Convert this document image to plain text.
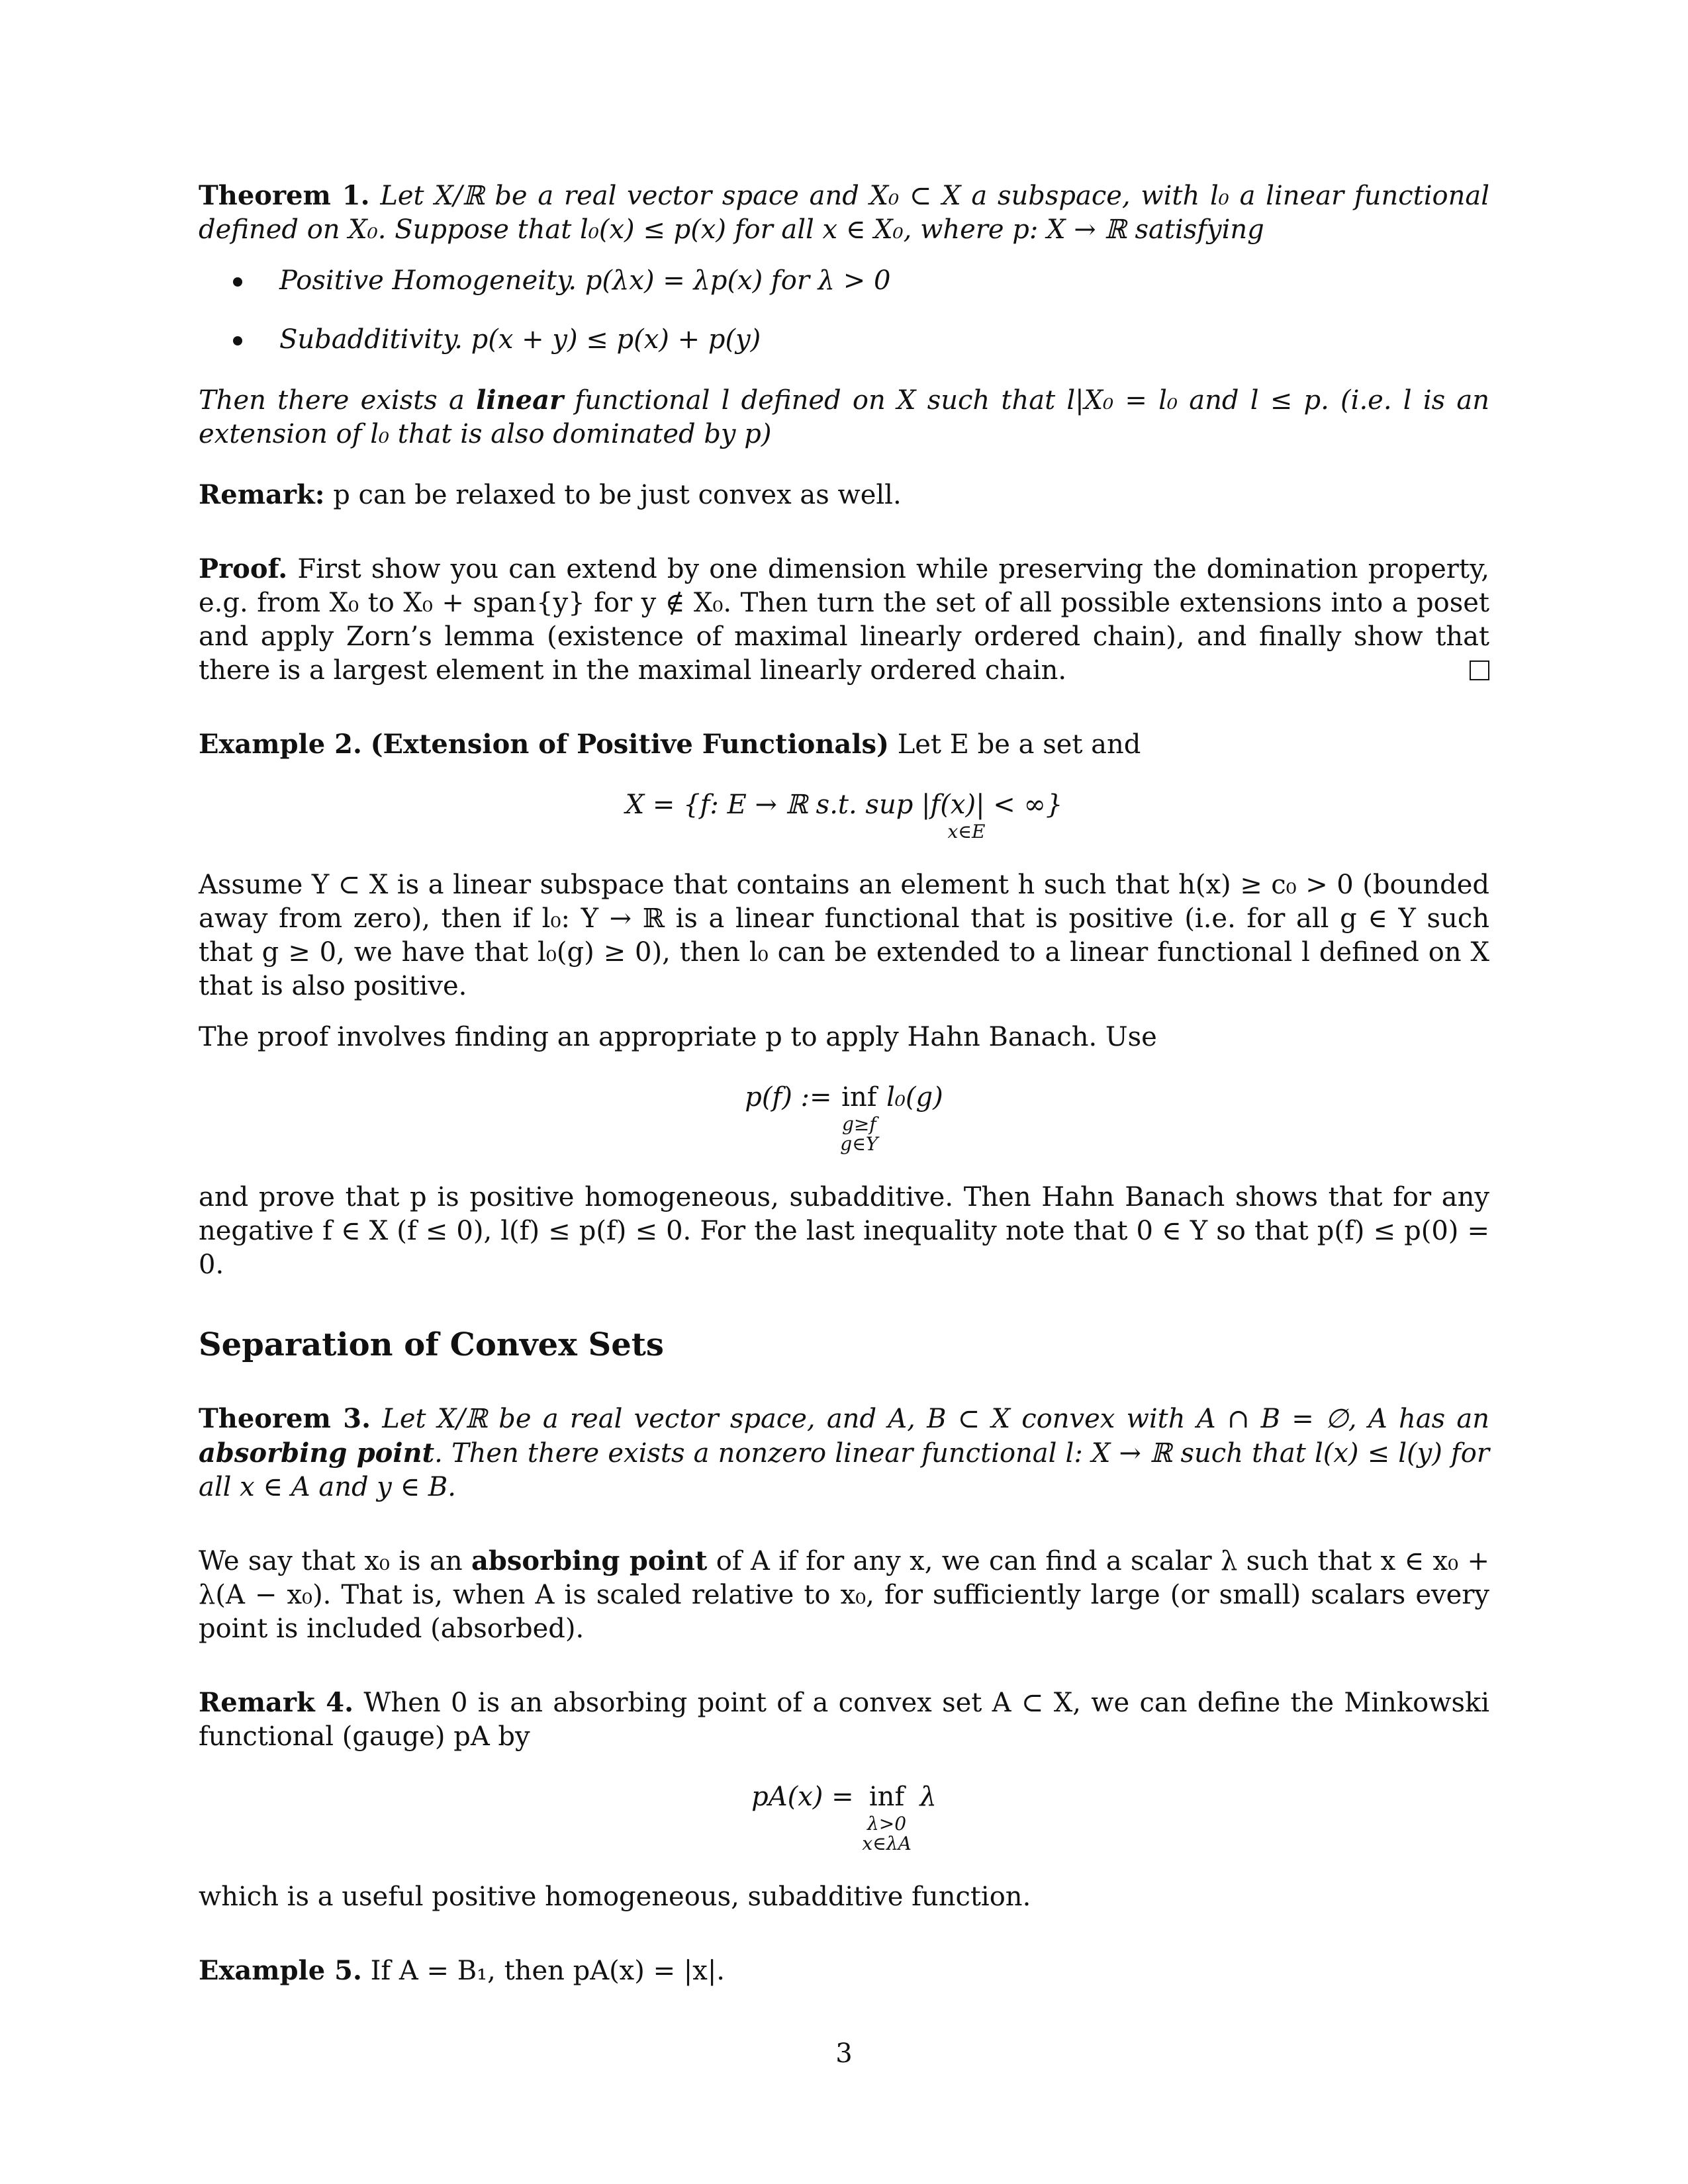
Theorem 1. Let X/ℝ be a real vector space and X₀ ⊂ X a subspace, with l₀ a linear functional defined on X₀. Suppose that l₀(x) ≤ p(x) for all x ∈ X₀, where p: X → ℝ satisfying

Positive Homogeneity. p(λx) = λp(x) for λ > 0
Subadditivity. p(x + y) ≤ p(x) + p(y)

Then there exists a linear functional l defined on X such that l|X₀ = l₀ and l ≤ p. (i.e. l is an extension of l₀ that is also dominated by p)

Remark: p can be relaxed to be just convex as well.

Proof. First show you can extend by one dimension while preserving the domination property, e.g. from X₀ to X₀ + span{y} for y ∉ X₀. Then turn the set of all possible extensions into a poset and apply Zorn’s lemma (existence of maximal linearly ordered chain), and finally show that there is a largest element in the maximal linearly ordered chain.

Example 2. (Extension of Positive Functionals) Let E be a set and

X = {f: E → ℝ s.t. sup |f(x)| < ∞}
x∈E

Assume Y ⊂ X is a linear subspace that contains an element h such that h(x) ≥ c₀ > 0 (bounded away from zero), then if l₀: Y → ℝ is a linear functional that is positive (i.e. for all g ∈ Y such that g ≥ 0, we have that l₀(g) ≥ 0), then l₀ can be extended to a linear functional l defined on X that is also positive.

The proof involves finding an appropriate p to apply Hahn Banach. Use

p(f) := inf
g≥f
g∈Y
l₀(g)

and prove that p is positive homogeneous, subadditive. Then Hahn Banach shows that for any negative f ∈ X (f ≤ 0), l(f) ≤ p(f) ≤ 0. For the last inequality note that 0 ∈ Y so that p(f) ≤ p(0) = 0.

Separation of Convex Sets

Theorem 3. Let X/ℝ be a real vector space, and A, B ⊂ X convex with A ∩ B = ∅, A has an absorbing point. Then there exists a nonzero linear functional l: X → ℝ such that l(x) ≤ l(y) for all x ∈ A and y ∈ B.

We say that x₀ is an absorbing point of A if for any x, we can find a scalar λ such that x ∈ x₀ + λ(A − x₀). That is, when A is scaled relative to x₀, for sufficiently large (or small) scalars every point is included (absorbed).

Remark 4. When 0 is an absorbing point of a convex set A ⊂ X, we can define the Minkowski functional (gauge) pA by

pA(x) = inf
λ>0
x∈λA
λ

which is a useful positive homogeneous, subadditive function.

Example 5. If A = B₁, then pA(x) = |x|.

3
